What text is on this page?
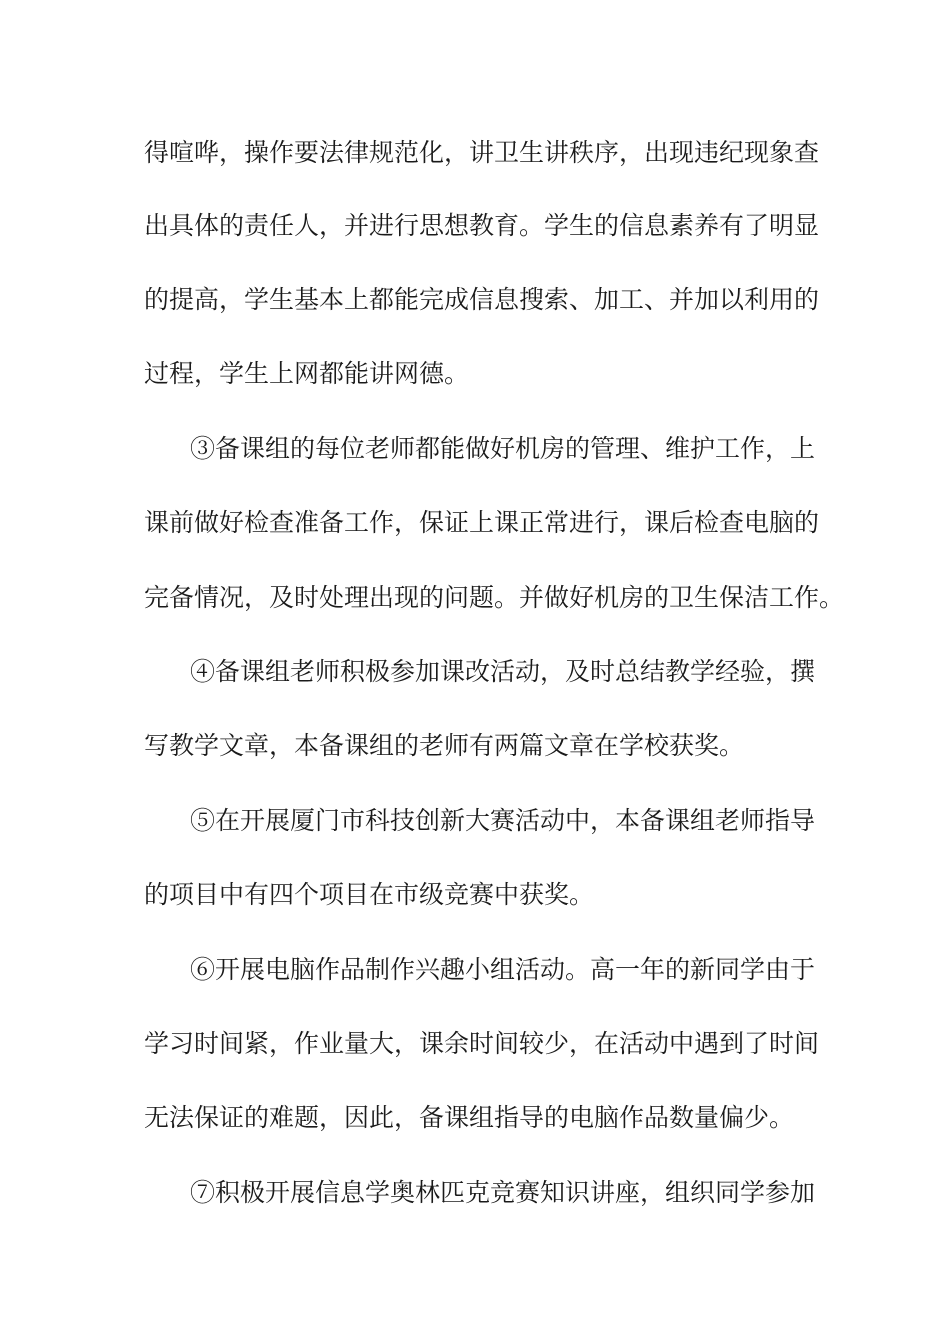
得喧哗，操作要法律规范化，讲卫生讲秩序，出现违纪现象查
出具体的责任人，并进行思想教育。学生的信息素养有了明显
的提高，学生基本上都能完成信息搜索、加工、并加以利用的
过程，学生上网都能讲网德。
③备课组的每位老师都能做好机房的管理、维护工作，上
课前做好检查准备工作，保证上课正常进行，课后检查电脑的
完备情况，及时处理出现的问题。并做好机房的卫生保洁工作。
④备课组老师积极参加课改活动，及时总结教学经验，撰
写教学文章，本备课组的老师有两篇文章在学校获奖。
⑤在开展厦门市科技创新大赛活动中，本备课组老师指导
的项目中有四个项目在市级竞赛中获奖。
⑥开展电脑作品制作兴趣小组活动。高一年的新同学由于
学习时间紧，作业量大，课余时间较少，在活动中遇到了时间
无法保证的难题，因此，备课组指导的电脑作品数量偏少。
⑦积极开展信息学奥林匹克竞赛知识讲座，组织同学参加
